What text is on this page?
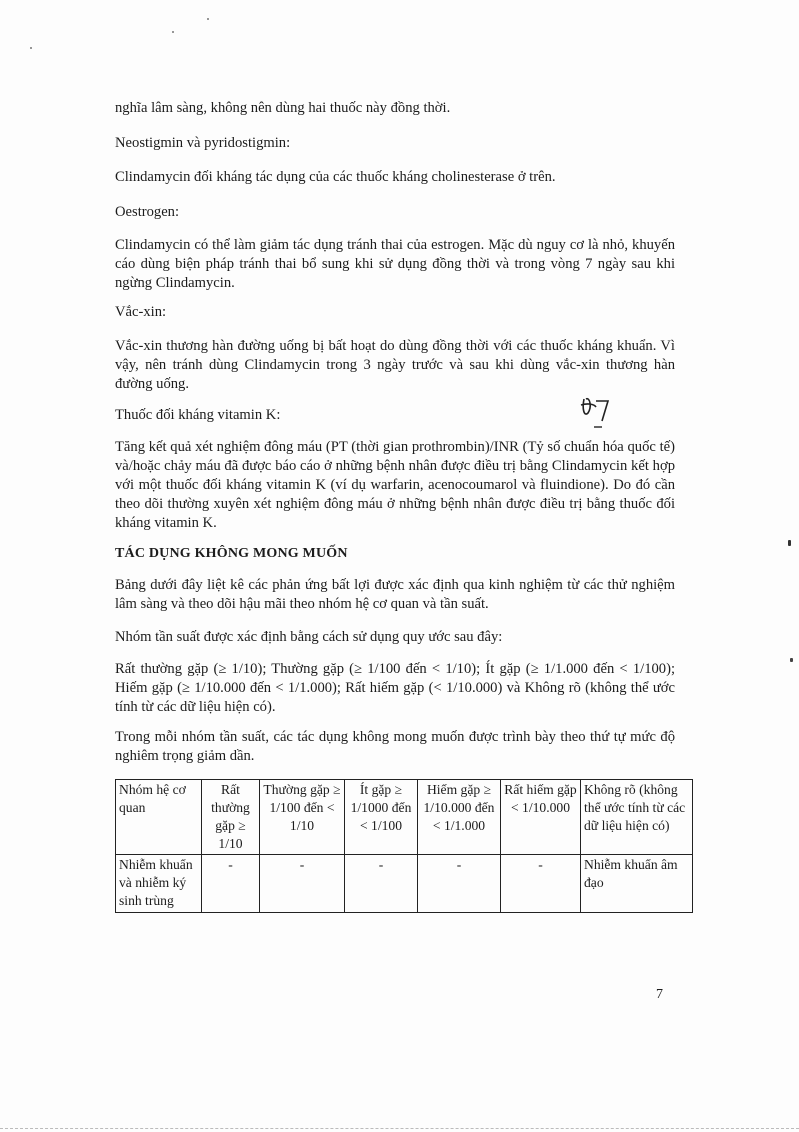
nghĩa lâm sàng, không nên dùng hai thuốc này đồng thời.

Neostigmin và pyridostigmin:

Clindamycin đối kháng tác dụng của các thuốc kháng cholinesterase ở trên.

Oestrogen:

Clindamycin có thể làm giảm tác dụng tránh thai của estrogen. Mặc dù nguy cơ là nhỏ, khuyến cáo dùng biện pháp tránh thai bổ sung khi sử dụng đồng thời và trong vòng 7 ngày sau khi ngừng Clindamycin.

Vắc-xin:

Vắc-xin thương hàn đường uống bị bất hoạt do dùng đồng thời với các thuốc kháng khuẩn. Vì vậy, nên tránh dùng Clindamycin trong 3 ngày trước và sau khi dùng vắc-xin thương hàn đường uống.

Thuốc đối kháng vitamin K:

Tăng kết quả xét nghiệm đông máu (PT (thời gian prothrombin)/INR (Tỷ số chuẩn hóa quốc tế) và/hoặc chảy máu đã được báo cáo ở những bệnh nhân được điều trị bằng Clindamycin kết hợp với một thuốc đối kháng vitamin K (ví dụ warfarin, acenocoumarol và fluindione). Do đó cần theo dõi thường xuyên xét nghiệm đông máu ở những bệnh nhân được điều trị bằng thuốc đối kháng vitamin K.

TÁC DỤNG KHÔNG MONG MUỐN

Bảng dưới đây liệt kê các phản ứng bất lợi được xác định qua kinh nghiệm từ các thử nghiệm lâm sàng và theo dõi hậu mãi theo nhóm hệ cơ quan và tần suất.

Nhóm tần suất được xác định bằng cách sử dụng quy ước sau đây:

Rất thường gặp (≥ 1/10); Thường gặp (≥ 1/100 đến < 1/10); Ít gặp (≥ 1/1.000 đến < 1/100); Hiếm gặp (≥ 1/10.000 đến < 1/1.000); Rất hiếm gặp (< 1/10.000) và Không rõ (không thể ước tính từ các dữ liệu hiện có).

Trong mỗi nhóm tần suất, các tác dụng không mong muốn được trình bày theo thứ tự mức độ nghiêm trọng giảm dần.

Nhóm hệ cơ quan	Rất thường gặp ≥ 1/10	Thường gặp ≥ 1/100 đến < 1/10	Ít gặp ≥ 1/1000 đến < 1/100	Hiếm gặp ≥ 1/10.000 đến < 1/1.000	Rất hiếm gặp < 1/10.000	Không rõ (không thể ước tính từ các dữ liệu hiện có)
Nhiễm khuẩn và nhiễm ký sinh trùng	-	-	-	-	-	Nhiễm khuẩn âm đạo
7
